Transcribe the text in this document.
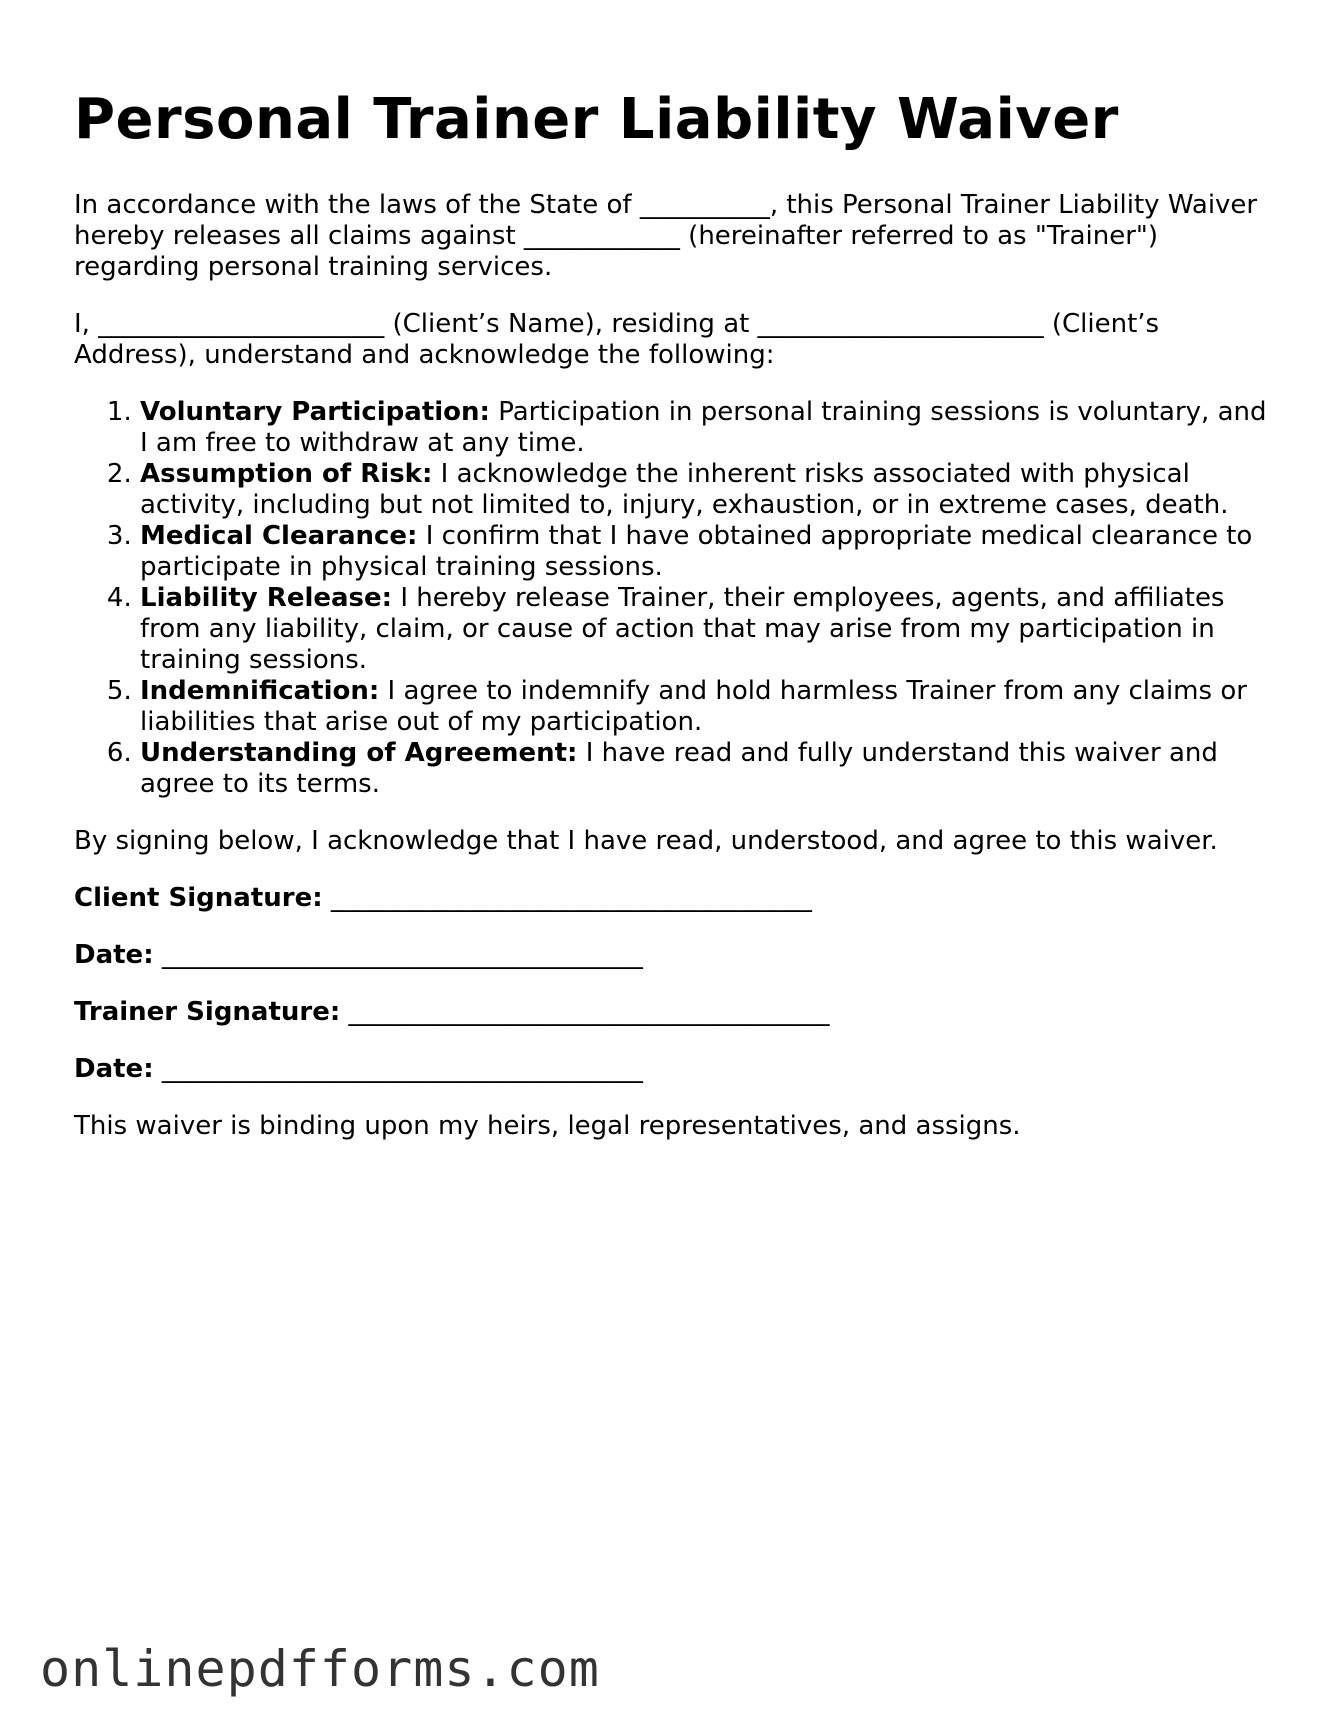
Personal Trainer Liability Waiver

In accordance with the laws of the State of __________, this Personal Trainer Liability Waiver hereby releases all claims against ____________ (hereinafter referred to as "Trainer") regarding personal training services.

I, ______________________ (Client’s Name), residing at ______________________ (Client’s Address), understand and acknowledge the following:

1. Voluntary Participation: Participation in personal training sessions is voluntary, and I am free to withdraw at any time.
2. Assumption of Risk: I acknowledge the inherent risks associated with physical activity, including but not limited to, injury, exhaustion, or in extreme cases, death.
3. Medical Clearance: I confirm that I have obtained appropriate medical clearance to participate in physical training sessions.
4. Liability Release: I hereby release Trainer, their employees, agents, and affiliates from any liability, claim, or cause of action that may arise from my participation in training sessions.
5. Indemnification: I agree to indemnify and hold harmless Trainer from any claims or liabilities that arise out of my participation.
6. Understanding of Agreement: I have read and fully understand this waiver and agree to its terms.

By signing below, I acknowledge that I have read, understood, and agree to this waiver.

Client Signature: _____________________________________
Date: _____________________________________
Trainer Signature: _____________________________________
Date: _____________________________________

This waiver is binding upon my heirs, legal representatives, and assigns.

onlinepdfforms.com
